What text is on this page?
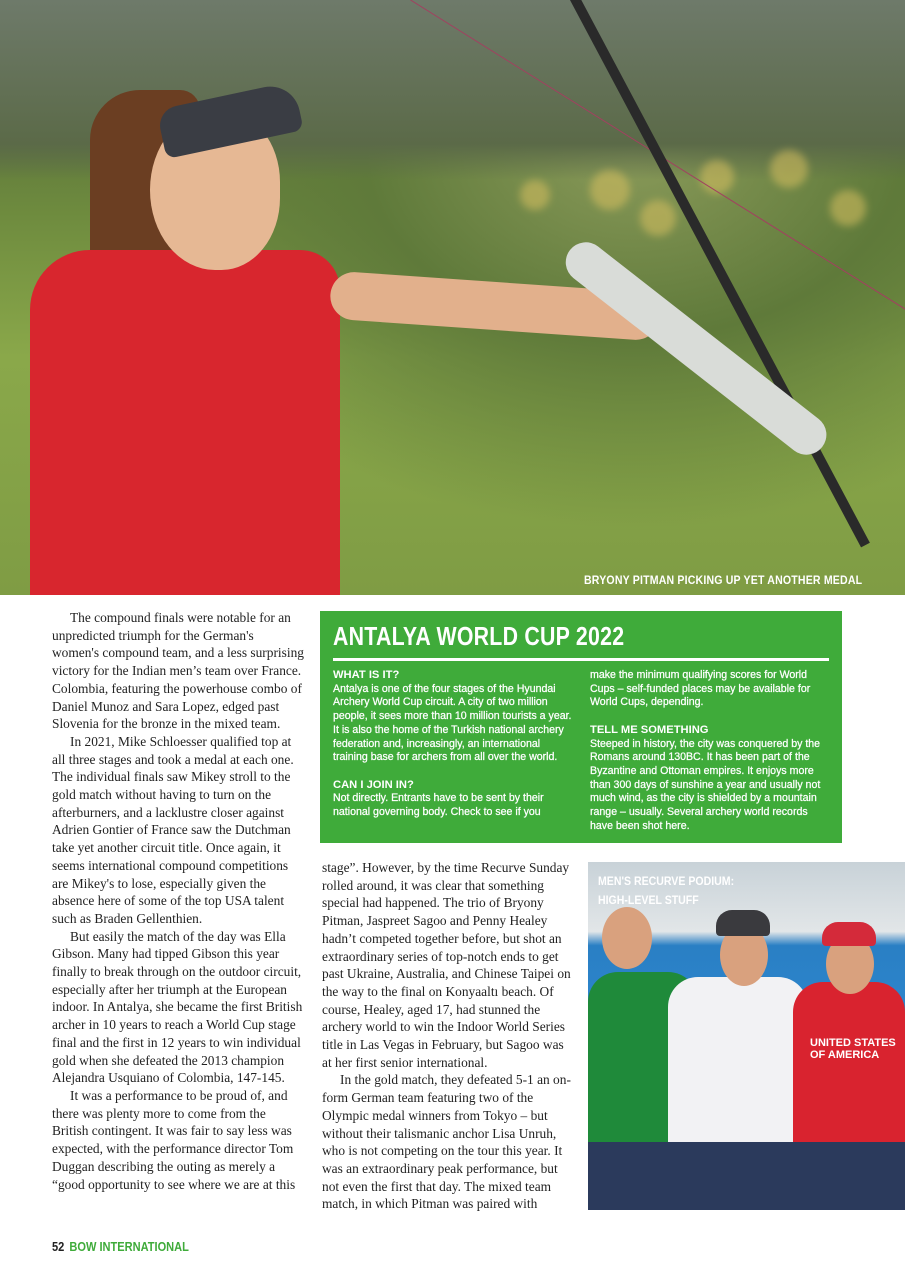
BRYONY PITMAN PICKING UP YET ANOTHER MEDAL

The compound finals were notable for an unpredicted triumph for the German's women's compound team, and a less surprising victory for the Indian men’s team over France. Colombia, featuring the powerhouse combo of Daniel Munoz and Sara Lopez, edged past Slovenia for the bronze in the mixed team.

In 2021, Mike Schloesser qualified top at all three stages and took a medal at each one. The individual finals saw Mikey stroll to the gold match without having to turn on the afterburners, and a lacklustre closer against Adrien Gontier of France saw the Dutchman take yet another circuit title. Once again, it seems international compound competitions are Mikey's to lose, especially given the absence here of some of the top USA talent such as Braden Gellenthien.

But easily the match of the day was Ella Gibson. Many had tipped Gibson this year finally to break through on the outdoor circuit, especially after her triumph at the European indoor. In Antalya, she became the first British archer in 10 years to reach a World Cup stage final and the first in 12 years to win individual gold when she defeated the 2013 champion Alejandra Usquiano of Colombia, 147-145.

It was a performance to be proud of, and there was plenty more to come from the British contingent. It was fair to say less was expected, with the performance director Tom Duggan describing the outing as merely a “good opportunity to see where we are at this

ANTALYA WORLD CUP 2022
WHAT IS IT?
Antalya is one of the four stages of the Hyundai Archery World Cup circuit. A city of two million people, it sees more than 10 million tourists a year. It is also the home of the Turkish national archery federation and, increasingly, an international training base for archers from all over the world.
CAN I JOIN IN?
Not directly. Entrants have to be sent by their national governing body. Check to see if you
make the minimum qualifying scores for World Cups – self-funded places may be available for World Cups, depending.
TELL ME SOMETHING
Steeped in history, the city was conquered by the Romans around 130BC. It has been part of the Byzantine and Ottoman empires. It enjoys more than 300 days of sunshine a year and usually not much wind, as the city is shielded by a mountain range – usually. Several archery world records have been shot here.

stage”. However, by the time Recurve Sunday rolled around, it was clear that something special had happened. The trio of Bryony Pitman, Jaspreet Sagoo and Penny Healey hadn’t competed together before, but shot an extraordinary series of top-notch ends to get past Ukraine, Australia, and Chinese Taipei on the way to the final on Konyaaltı beach. Of course, Healey, aged 17, had stunned the archery world to win the Indoor World Series title in Las Vegas in February, but Sagoo was at her first senior international.

In the gold match, they defeated 5-1 an on-form German team featuring two of the Olympic medal winners from Tokyo – but without their talismanic anchor Lisa Unruh, who is not competing on the tour this year. It was an extraordinary peak performance, but not even the first that day. The mixed team match, in which Pitman was paired with

UNITED STATES OF AMERICA
MEN'S RECURVE PODIUM:
HIGH-LEVEL STUFF
52 BOW INTERNATIONAL
